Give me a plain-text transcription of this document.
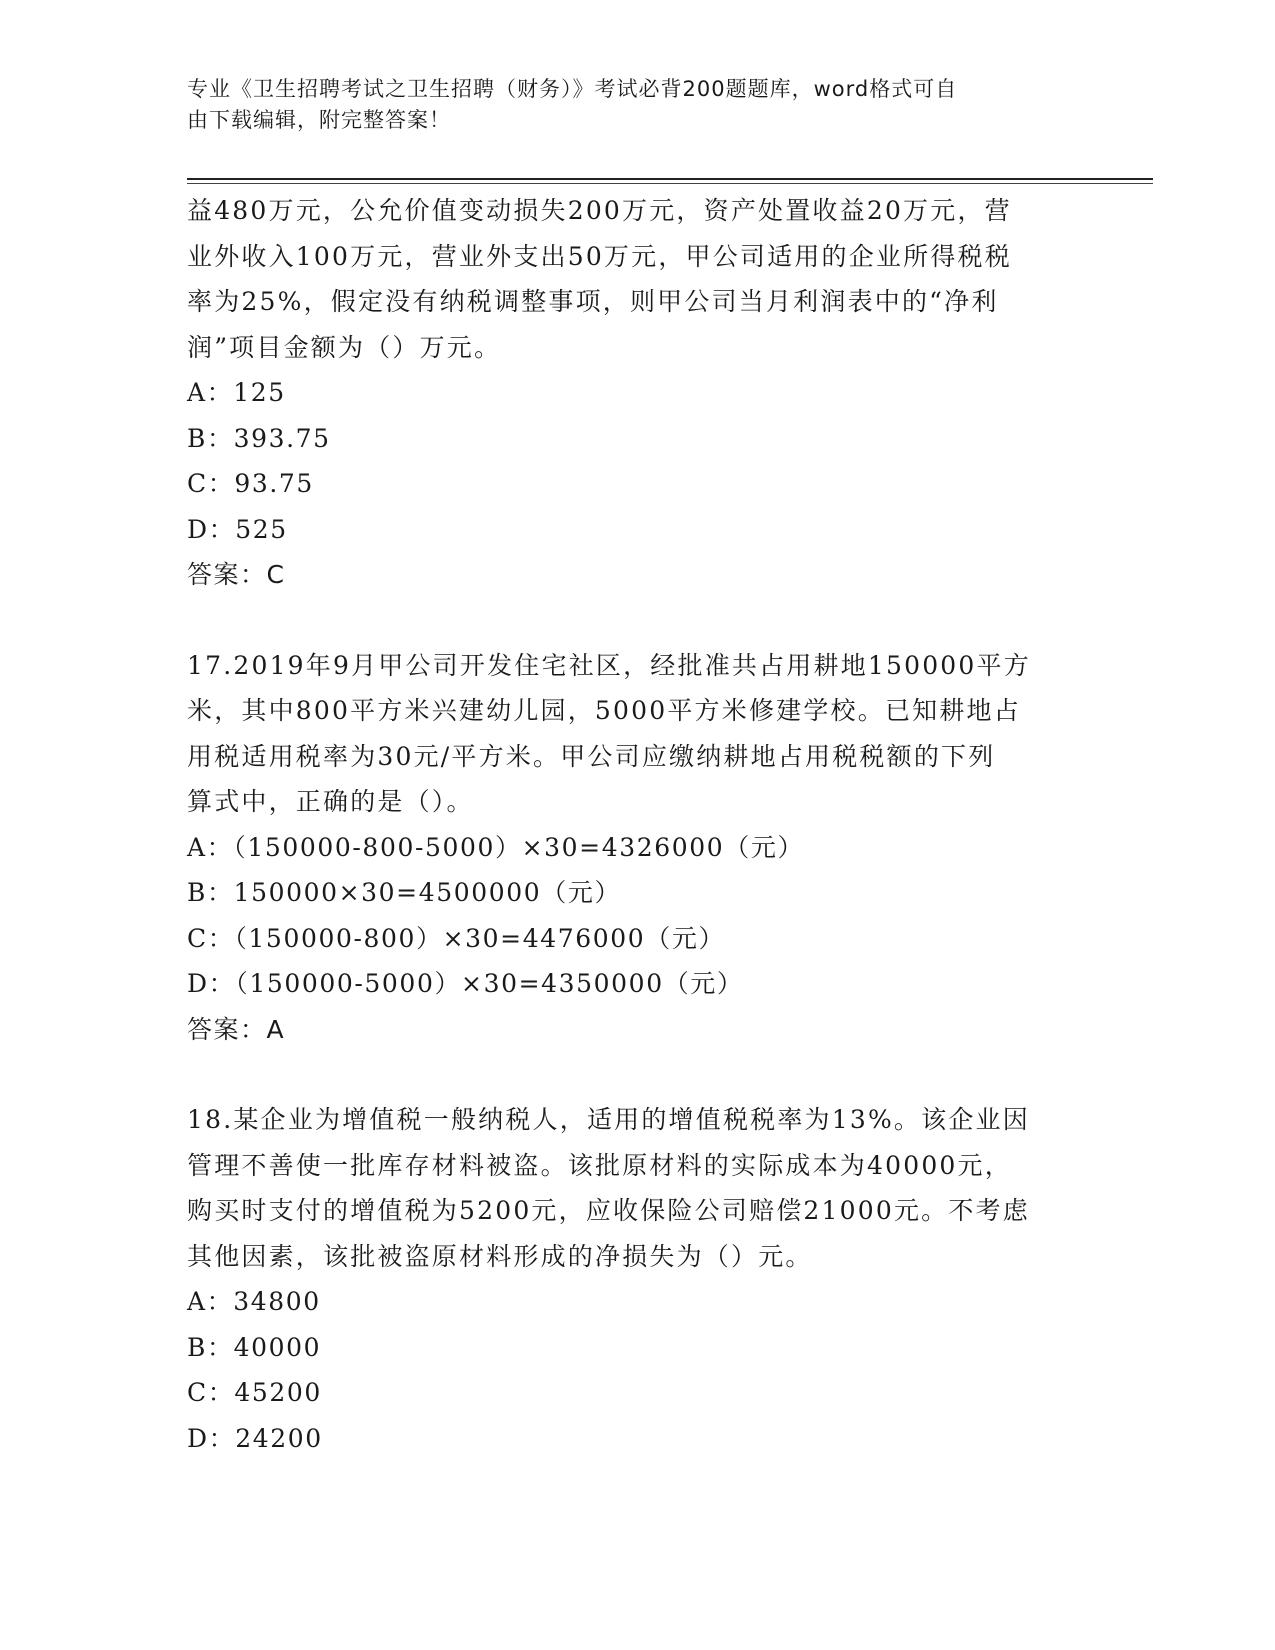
专业《卫生招聘考试之卫生招聘（财务）》考试必背200题题库，word格式可自
由下载编辑，附完整答案！

益480万元，公允价值变动损失200万元，资产处置收益20万元，营

业外收入100万元，营业外支出50万元，甲公司适用的企业所得税税

率为25%，假定没有纳税调整事项，则甲公司当月利润表中的“净利

润”项目金额为（）万元。

A：125

B：393.75

C：93.75

D：525

答案：C

17.2019年9月甲公司开发住宅社区，经批准共占用耕地150000平方

米，其中800平方米兴建幼儿园，5000平方米修建学校。已知耕地占

用税适用税率为30元/平方米。甲公司应缴纳耕地占用税税额的下列

算式中，正确的是（）。

A：（150000-800-5000）×30=4326000（元）

B：150000×30=4500000（元）

C：（150000-800）×30=4476000（元）

D：（150000-5000）×30=4350000（元）

答案：A

18.某企业为增值税一般纳税人，适用的增值税税率为13%。该企业因

管理不善使一批库存材料被盗。该批原材料的实际成本为40000元，

购买时支付的增值税为5200元，应收保险公司赔偿21000元。不考虑

其他因素，该批被盗原材料形成的净损失为（）元。

A：34800

B：40000

C：45200

D：24200
